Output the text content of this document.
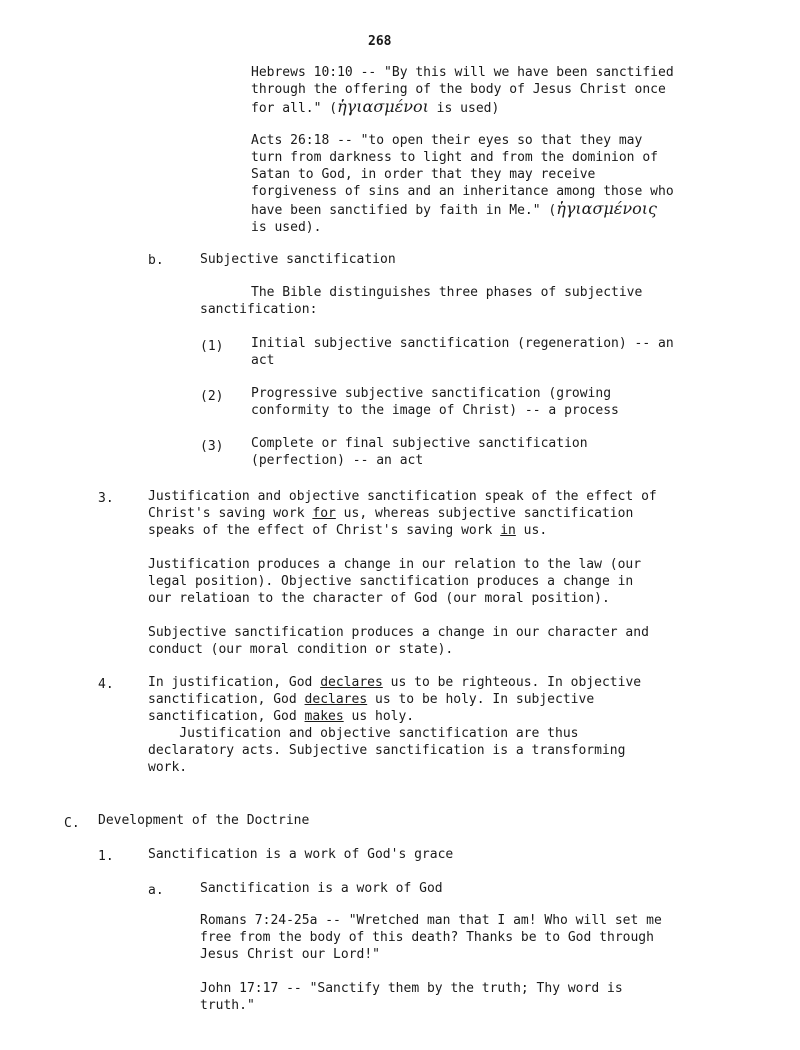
268
Hebrews 10:10 -- "By this will we have been sanctified
through the offering of the body of Jesus Christ once
for all." (ἡγιασμένοι is used)
Acts 26:18 -- "to open their eyes so that they may
turn from darkness to light and from the dominion of
Satan to God, in order that they may receive
forgiveness of sins and an inheritance among those who
have been sanctified by faith in Me." (ἡγιασμένοις
is used).
b.	Subjective sanctification
The Bible distinguishes three phases of subjective
sanctification:
(1) Initial subjective sanctification (regeneration) -- an
act
(2) Progressive subjective sanctification (growing
conformity to the image of Christ) -- a process
(3) Complete or final subjective sanctification
(perfection) -- an act
3.	Justification and objective sanctification speak of the effect of
Christ's saving work for us, whereas subjective sanctification
speaks of the effect of Christ's saving work in us.
Justification produces a change in our relation to the law (our
legal position). Objective sanctification produces a change in
our relatioan to the character of God (our moral position).
Subjective sanctification produces a change in our character and
conduct (our moral condition or state).
4.	In justification, God declares us to be righteous. In objective
sanctification, God declares us to be holy. In subjective
sanctification, God makes us holy.
Justification and objective sanctification are thus
declaratory acts. Subjective sanctification is a transforming
work.
C. Development of the Doctrine
1.	Sanctification is a work of God's grace
a.	Sanctification is a work of God
Romans 7:24-25a -- "Wretched man that I am! Who will set me
free from the body of this death? Thanks be to God through
Jesus Christ our Lord!"
John 17:17 -- "Sanctify them by the truth; Thy word is
truth."
